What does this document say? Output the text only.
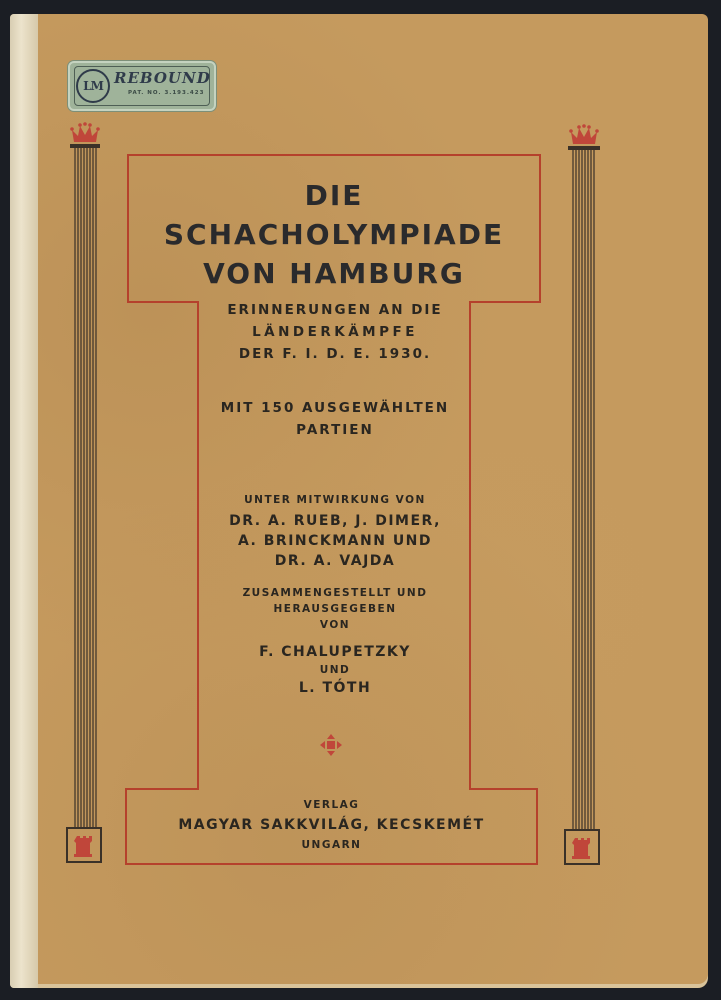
LM REBOUND
PAT. NO. 3.193.423
DIE
SCHACHOLYMPIADE
VON HAMBURG
ERINNERUNGEN AN DIE
LÄNDERKÄMPFE
DER F. I. D. E. 1930.
MIT 150 AUSGEWÄHLTEN
PARTIEN
UNTER MITWIRKUNG VON
DR. A. RUEB, J. DIMER,
A. BRINCKMANN UND
DR. A. VAJDA
ZUSAMMENGESTELLT UND
HERAUSGEGEBEN
VON
F. CHALUPETZKY
UND
L. TÓTH
VERLAG
MAGYAR SAKKVILÁG, KECSKEMÉT
UNGARN
